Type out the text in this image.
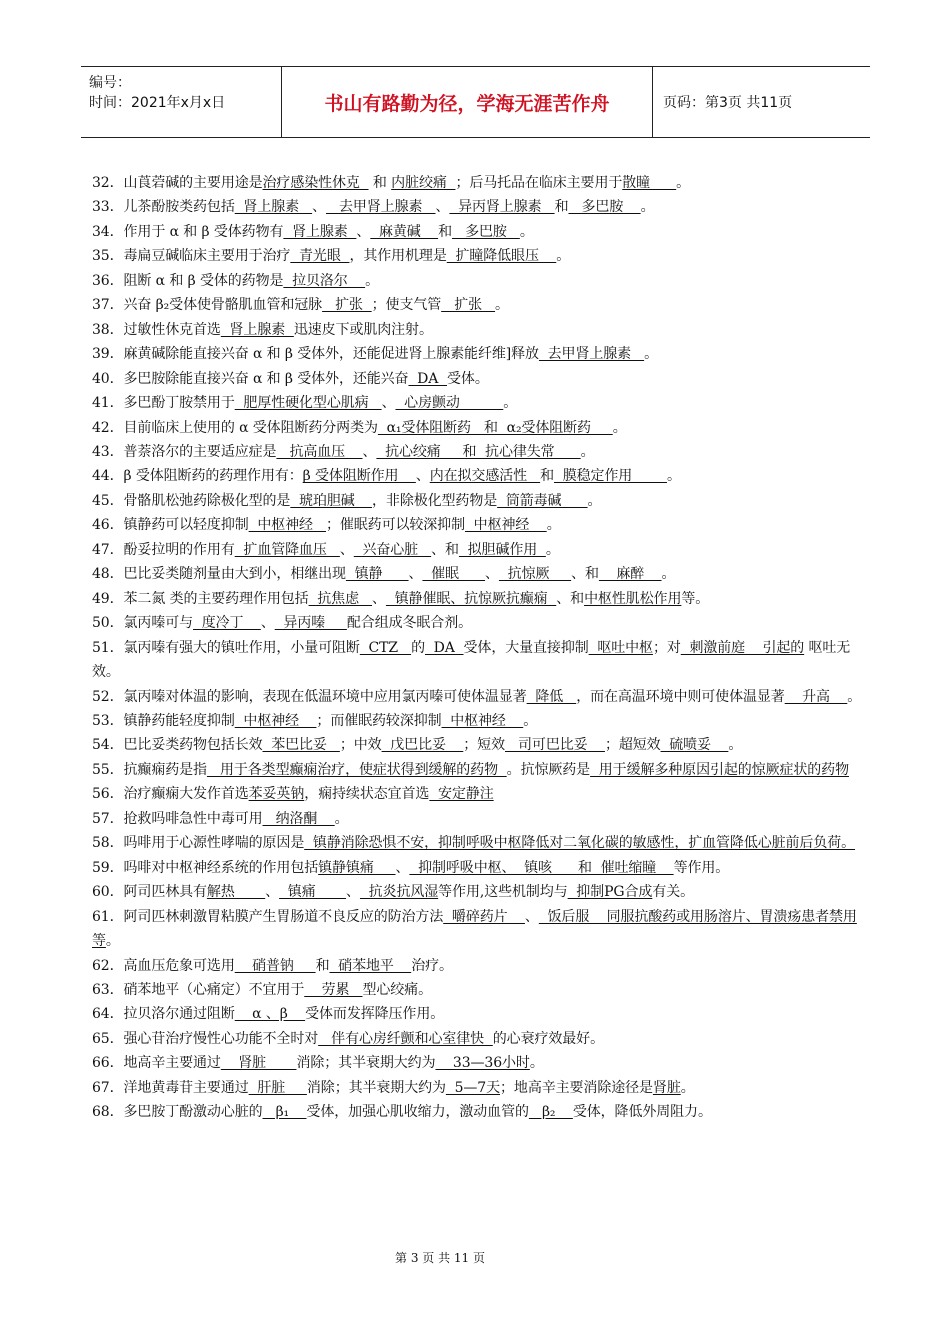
编号：
时间：2021年x月x日	书山有路勤为径，学海无涯苦作舟	页码：第3页 共11页
32．山莨菪碱的主要用途是治疗感染性休克   和 内脏绞痛  ；后马托品在临床主要用于散瞳      。
33．儿茶酚胺类药包括  肾上腺素   、   去甲肾上腺素   、  异丙肾上腺素   和   多巴胺    。
34．作用于 α 和 β 受体药物有  肾上腺素  、  麻黄碱    和   多巴胺   。
35．毒扁豆碱临床主要用于治疗  青光眼  ，其作用机理是  扩瞳降低眼压    。
36．阻断 α 和 β 受体的药物是  拉贝洛尔    。
37．兴奋 β₂受体使骨骼肌血管和冠脉   扩张  ；使支气管   扩张   。
38．过敏性休克首选  肾上腺素  迅速皮下或肌肉注射。
39．麻黄碱除能直接兴奋 α 和 β 受体外，还能促进肾上腺素能纤维]释放  去甲肾上腺素   。
40．多巴胺除能直接兴奋 α 和 β 受体外，还能兴奋  DA  受体。
41．多巴酚丁胺禁用于  肥厚性硬化型心肌病   、  心房颤动          。
42．目前临床上使用的 α 受体阻断药分两类为  α₁受体阻断药   和  α₂受体阻断药     。
43．普萘洛尔的主要适应症是   抗高血压    、  抗心绞痛     和  抗心律失常      。
44．β 受体阻断药的药理作用有：β 受体阻断作用    、内在拟交感活性   和  膜稳定作用        。
45．骨骼肌松弛药除极化型的是  琥珀胆碱    ，非除极化型药物是  筒箭毒碱      。
46．镇静药可以轻度抑制  中枢神经   ；催眠药可以较深抑制  中枢神经    。
47．酚妥拉明的作用有  扩血管降血压   、  兴奋心脏   、和  拟胆碱作用  。
48．巴比妥类随剂量由大到小，相继出现  镇静      、  催眠      、  抗惊厥     、和    麻醉    。
49．苯二氮 类的主要药理作用包括  抗焦虑   、  镇静催眠、抗惊厥抗癫痫  、和中枢性肌松作用等。
50．氯丙嗪可与  度冷丁    、  异丙嗪     配合组成冬眠合剂。
51．氯丙嗪有强大的镇吐作用，小量可阻断  CTZ   的  DA  受体，大量直接抑制  呕吐中枢；对  刺激前庭    引起的 呕吐无效。
52．氯丙嗪对体温的影响，表现在低温环境中应用氯丙嗪可使体温显著  降低   ，而在高温环境中则可使体温显著    升高    。
53．镇静药能轻度抑制  中枢神经    ；而催眠药较深抑制  中枢神经    。
54．巴比妥类药物包括长效  苯巴比妥   ；中效  戊巴比妥    ；短效   司可巴比妥    ；超短效  硫喷妥    。
55．抗癫痫药是指   用于各类型癫痫治疗，使症状得到缓解的药物  。抗惊厥药是  用于缓解多种原因引起的惊厥症状的药物
56．治疗癫痫大发作首选苯妥英钠，痫持续状态宜首选  安定静注
57．抢救吗啡急性中毒可用   纳洛酮    。
58．吗啡用于心源性哮喘的原因是  镇静消除恐惧不安，抑制呼吸中枢降低对二氧化碳的敏感性，扩血管降低心脏前后负荷。
59．吗啡对中枢神经系统的作用包括镇静镇痛     、  抑制呼吸中枢、  镇咳      和  催吐缩瞳    等作用。
60．阿司匹林具有解热       、  镇痛       、  抗炎抗风湿等作用,这些机制均与  抑制PG合成有关。
61．阿司匹林刺激胃粘膜产生胃肠道不良反应的防治方法  嚼碎药片    、  饭后服    同服抗酸药或用肠溶片、胃溃疡患者禁用等。
62．高血压危象可选用    硝普钠     和  硝苯地平    治疗。
63．硝苯地平（心痛定）不宜用于    劳累   型心绞痛。
64．拉贝洛尔通过阻断    α 、β    受体而发挥降压作用。
65．强心苷治疗慢性心功能不全时对   伴有心房纤颤和心室律快  的心衰疗效最好。
66．地高辛主要通过    肾脏       消除；其半衰期大约为    33—36小时。
67．洋地黄毒苷主要通过  肝脏     消除；其半衰期大约为  5—7天；地高辛主要消除途径是肾脏。
68．多巴胺丁酚激动心脏的   β₁    受体，加强心肌收缩力，激动血管的   β₂    受体，降低外周阻力。
第 3 页 共 11 页
